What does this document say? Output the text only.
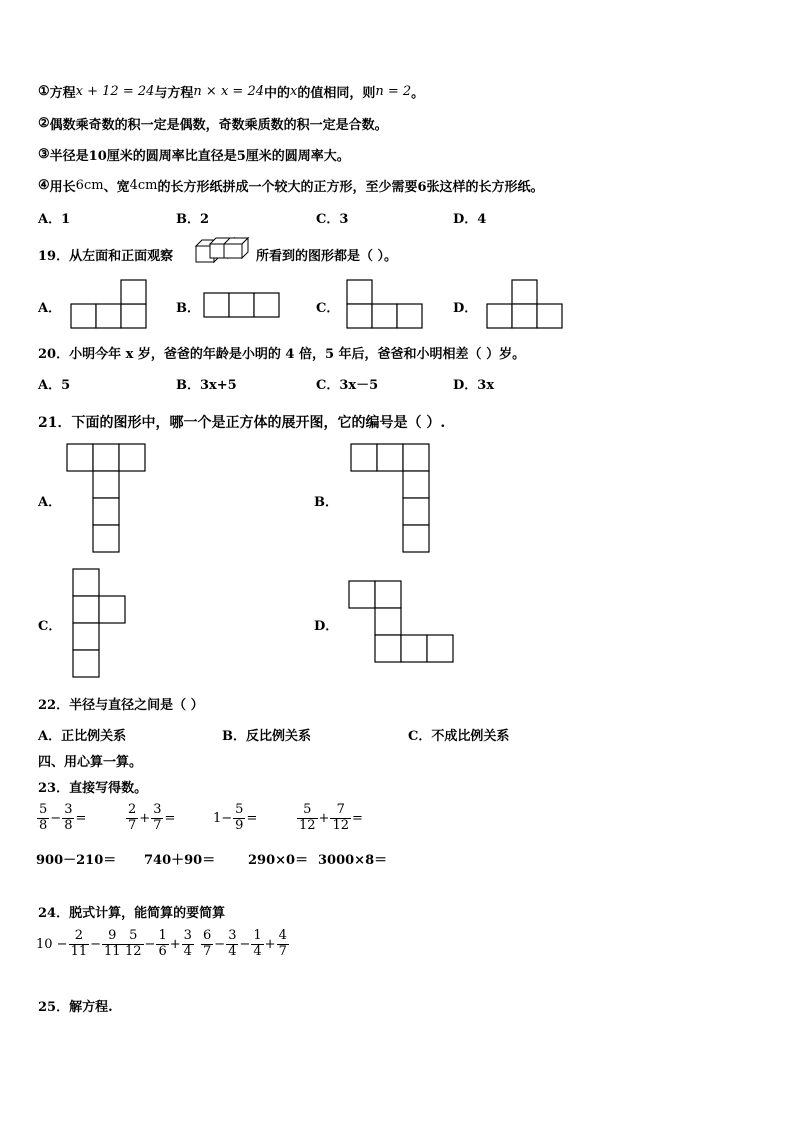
① 方程 x + 12 = 24 与方程 n × x = 24 中的 x 的值相同，则 n = 2 。
② 偶数乘奇数的积一定是偶数，奇数乘质数的积一定是合数。
③ 半径是10厘米的圆周率比直径是5厘米的圆周率大。
④ 用长 6cm 、宽 4cm 的长方形纸拼成一个较大的正方形，至少需要6张这样的长方形纸。
A．1	B．2	C．3	D．4
19．从左面和正面观察	所看到的图形都是（ ）。
A．	B．	C．	D．
20．小明今年 x 岁，爸爸的年龄是小明的 4 倍，5 年后，爸爸和小明相差（ ）岁。
A．5	B．3x+5	C．3x－5	D．3x
21．下面的图形中，哪一个是正方体的展开图，它的编号是（ ）.
A．	B．
C．	D．
22．半径与直径之间是（ ）
A．正比例关系	B．反比例关系	C．不成比例关系
四、用心算一算。
23．直接写得数。
$\frac{5}{8} - \frac{3}{8}$ =	$\frac{2}{7} + \frac{3}{7}$ =	$1- \frac{5}{9}$ =	$\frac{5}{12} + \frac{7}{12}$ =
900－210＝ 740＋90＝	290×0＝ 3000×8＝
24．脱式计算，能简算的要简算
$10 - \frac{2}{11} - \frac{9}{11} \frac{5}{12} - \frac{1}{6} + \frac{3}{4} \frac{6}{7} - \frac{3}{4} - \frac{1}{4} + \frac{4}{7}$
25．解方程.
